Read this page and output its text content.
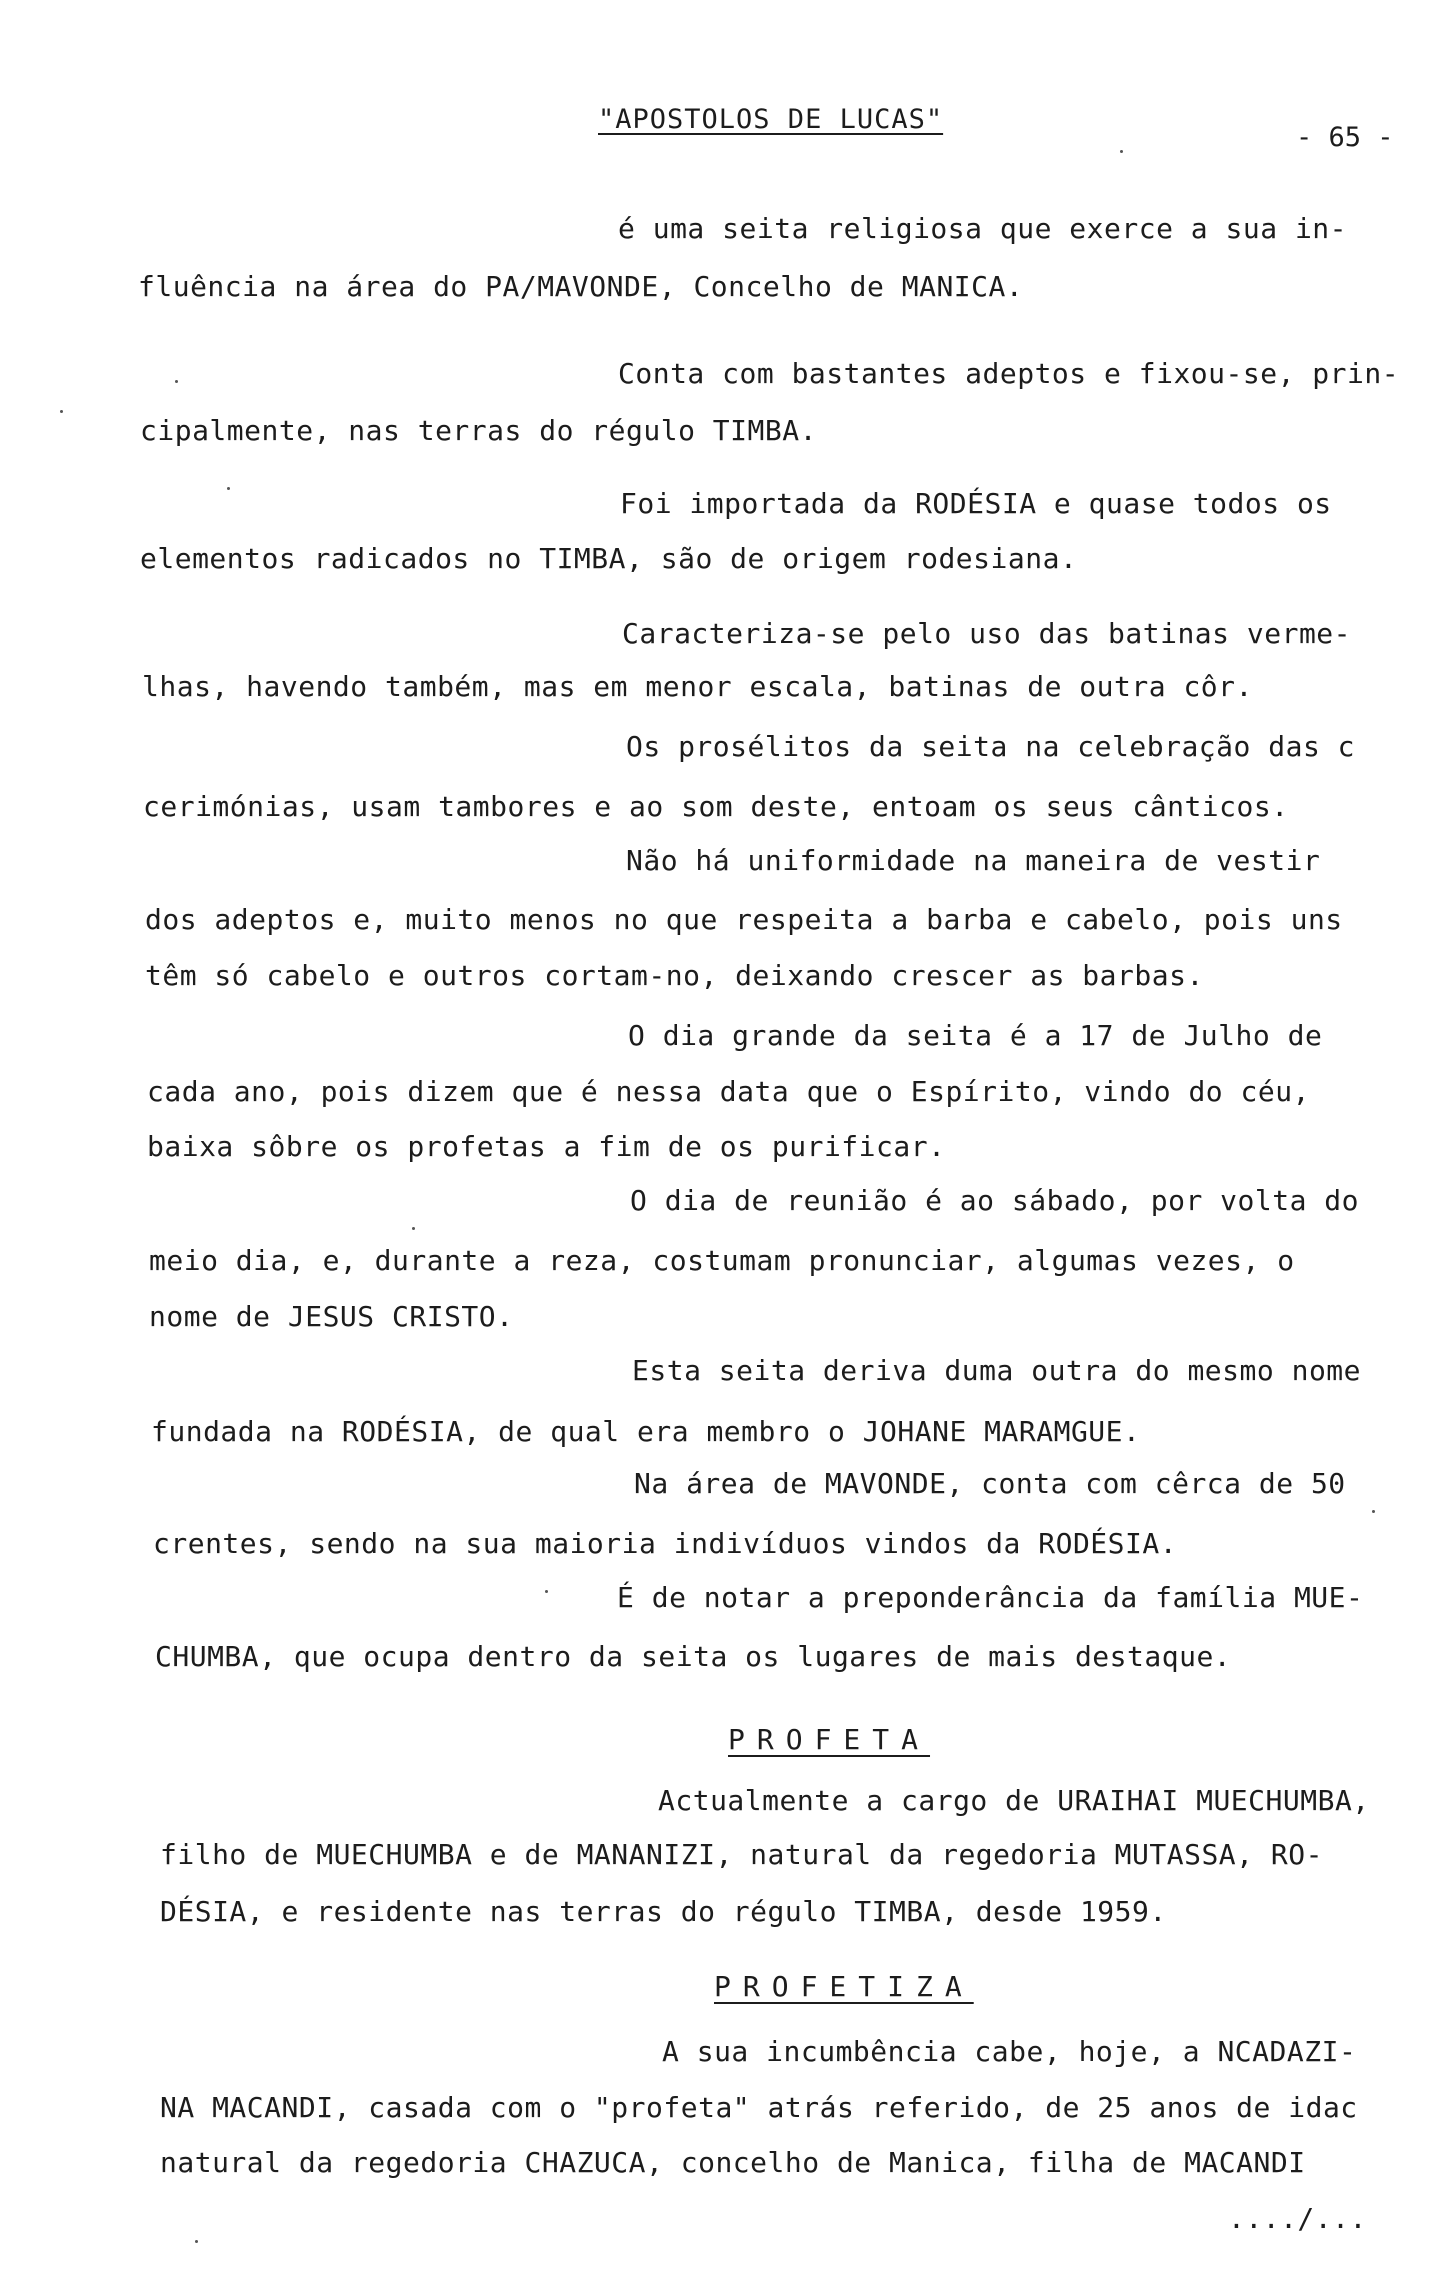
"APOSTOLOS DE LUCAS"
- 65 -
é uma seita religiosa que exerce a sua in-
fluência na área do PA/MAVONDE, Concelho de MANICA.
Conta com bastantes adeptos e fixou-se, prin-
cipalmente, nas terras do régulo TIMBA.
Foi importada da RODÉSIA e quase todos os
elementos radicados no TIMBA, são de origem rodesiana.
Caracteriza-se pelo uso das batinas verme-
lhas, havendo também, mas em menor escala, batinas de outra côr.
Os prosélitos da seita na celebração das c
cerimónias, usam tambores e ao som deste, entoam os seus cânticos.
Não há uniformidade na maneira de vestir
dos adeptos e, muito menos no que respeita a barba e cabelo, pois uns
têm só cabelo e outros cortam-no, deixando crescer as barbas.
O dia grande da seita é a 17 de Julho de
cada ano, pois dizem que é nessa data que o Espírito, vindo do céu,
baixa sôbre os profetas a fim de os purificar.
O dia de reunião é ao sábado, por volta do
meio dia, e, durante a reza, costumam pronunciar, algumas vezes, o
nome de JESUS CRISTO.
Esta seita deriva duma outra do mesmo nome
fundada na RODÉSIA, de qual era membro o JOHANE MARAMGUE.
Na área de MAVONDE, conta com cêrca de 50
crentes, sendo na sua maioria indivíduos vindos da RODÉSIA.
É de notar a preponderância da família MUE-
CHUMBA, que ocupa dentro da seita os lugares de mais destaque.
PROFETA
Actualmente a cargo de URAIHAI MUECHUMBA,
filho de MUECHUMBA e de MANANIZI, natural da regedoria MUTASSA, RO-
DÉSIA, e residente nas terras do régulo TIMBA, desde 1959.
PROFETIZA
A sua incumbência cabe, hoje, a NCADAZI-
NA MACANDI, casada com o "profeta" atrás referido, de 25 anos de idac
natural da regedoria CHAZUCA, concelho de Manica, filha de MACANDI
..../...
